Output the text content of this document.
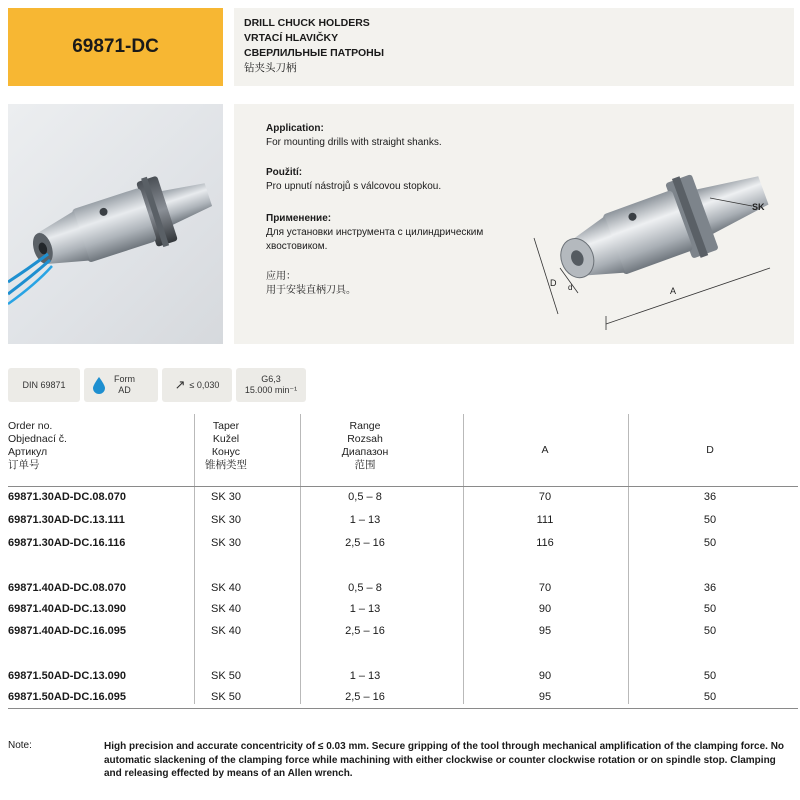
69871-DC
DRILL CHUCK HOLDERS
VRTACÍ HLAVIČKY
СВЕРЛИЛЬНЫЕ ПАТРОНЫ
钻夹头刀柄
Application:
For mounting drills with straight shanks.
Použití:
Pro upnutí nástrojů s válcovou stopkou.
Применение:
Для установки инструмента с цилиндрическим
хвостовиком.
应用：
用于安装直柄刀具。
D d	A
SK
DIN 69871
Form
AD	↗ ≤ 0,030
G6,3
15.000 min⁻¹
Order no.
Objednací č.
Артикул
订单号
Taper
Kužel
Конус
锥柄类型
Range
Rozsah
Диапазон
范围
A	D
69871.30AD-DC.08.070	SK 30	0,5 – 8	70	36
69871.30AD-DC.13.111	SK 30	1 – 13	111	50
69871.30AD-DC.16.116	SK 30	2,5 – 16	116	50
69871.40AD-DC.08.070	SK 40	0,5 – 8	70	36
69871.40AD-DC.13.090	SK 40	1 – 13	90	50
69871.40AD-DC.16.095	SK 40	2,5 – 16	95	50
69871.50AD-DC.13.090	SK 50	1 – 13	90	50
69871.50AD-DC.16.095	SK 50	2,5 – 16	95	50
Note:	High precision and accurate concentricity of ≤ 0.03 mm. Secure gripping of the tool through mechanical amplification of the clamping force. No automatic slackening of the clamping force while machining with either clockwise or counter clockwise rotation or on spindle stop. Clamping and releasing effected by means of an Allen wrench.
